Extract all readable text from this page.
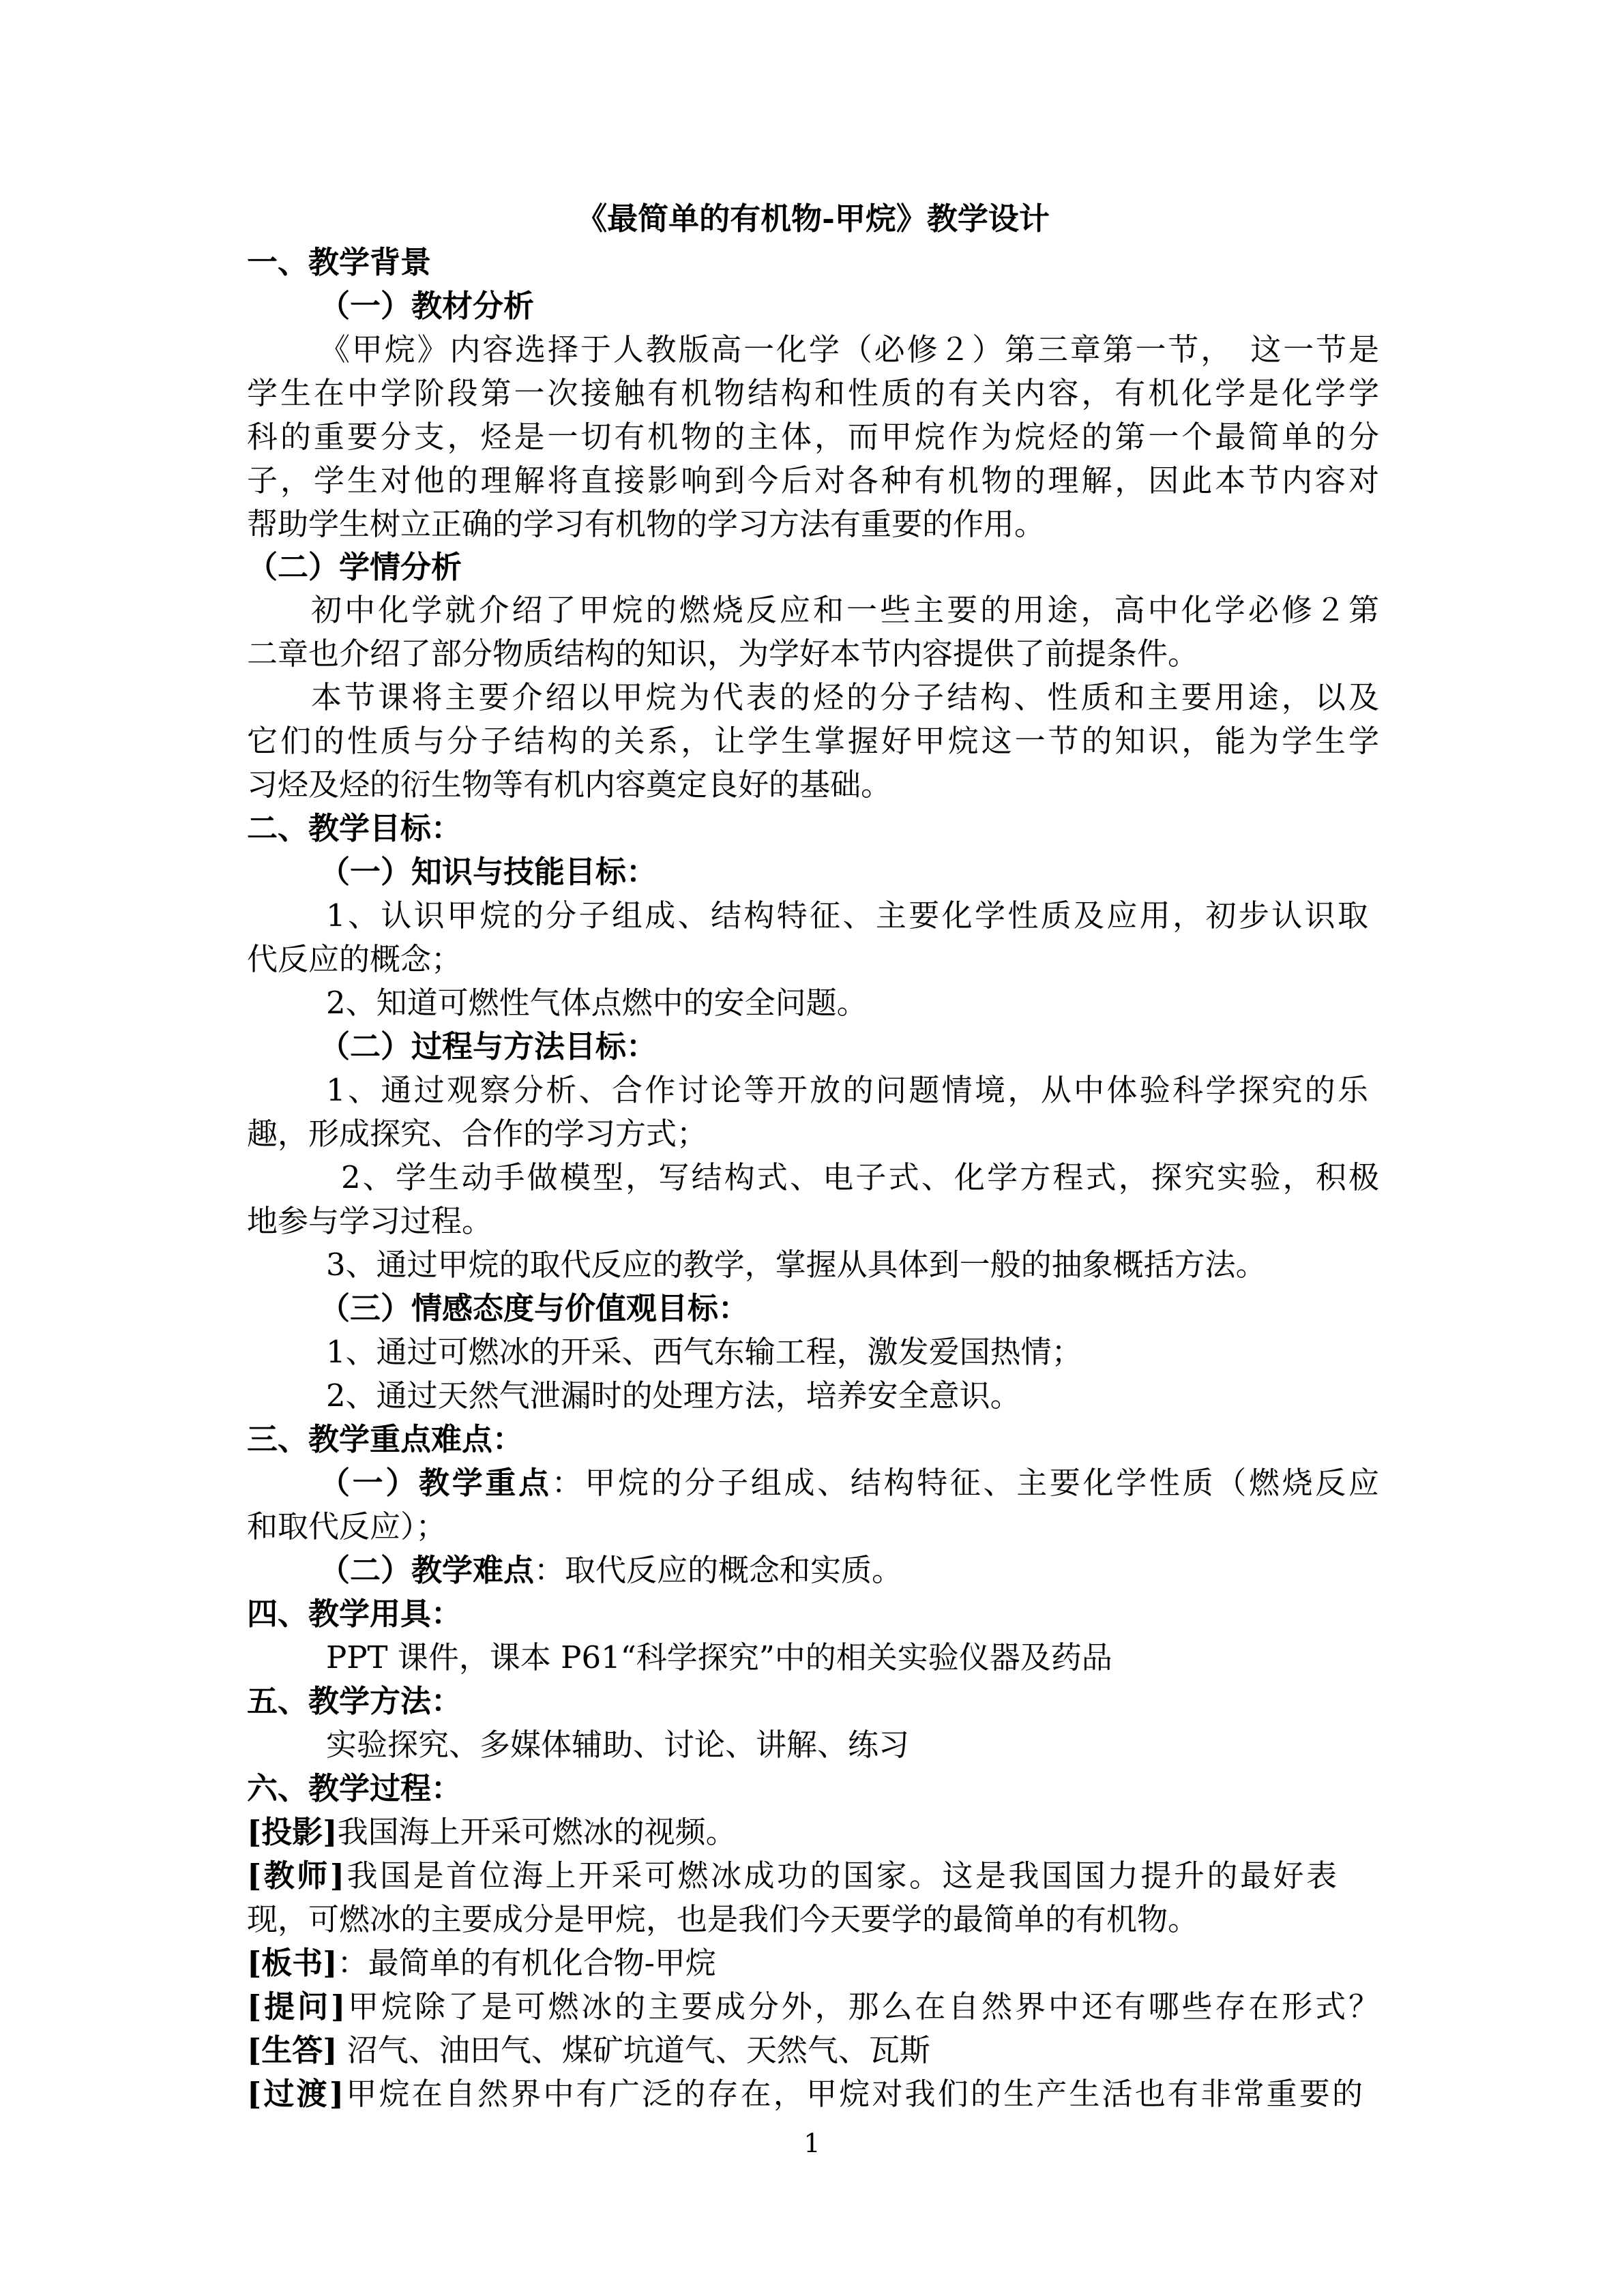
《最简单的有机物-甲烷》教学设计
一、教学背景
（一）教材分析
《甲烷》内容选择于人教版高一化学（必修２）第三章第一节，　这一节是
学生在中学阶段第一次接触有机物结构和性质的有关内容，有机化学是化学学
科的重要分支，烃是一切有机物的主体，而甲烷作为烷烃的第一个最简单的分
子，学生对他的理解将直接影响到今后对各种有机物的理解，因此本节内容对
帮助学生树立正确的学习有机物的学习方法有重要的作用。
（二）学情分析
初中化学就介绍了甲烷的燃烧反应和一些主要的用途，高中化学必修２第
二章也介绍了部分物质结构的知识，为学好本节内容提供了前提条件。
本节课将主要介绍以甲烷为代表的烃的分子结构、性质和主要用途，以及
它们的性质与分子结构的关系，让学生掌握好甲烷这一节的知识，能为学生学
习烃及烃的衍生物等有机内容奠定良好的基础。
二、教学目标：
（一）知识与技能目标：
1、认识甲烷的分子组成、结构特征、主要化学性质及应用，初步认识取
代反应的概念；
2、知道可燃性气体点燃中的安全问题。
（二）过程与方法目标：
1、通过观察分析、合作讨论等开放的问题情境，从中体验科学探究的乐
趣，形成探究、合作的学习方式；
2、学生动手做模型，写结构式、电子式、化学方程式，探究实验，积极
地参与学习过程。
3、通过甲烷的取代反应的教学，掌握从具体到一般的抽象概括方法。
（三）情感态度与价值观目标：
1、通过可燃冰的开采、西气东输工程，激发爱国热情；
2、通过天然气泄漏时的处理方法，培养安全意识。
三、教学重点难点：
（一）教学重点：甲烷的分子组成、结构特征、主要化学性质（燃烧反应
和取代反应）；
（二）教学难点：取代反应的概念和实质。
四、教学用具：
PPT 课件，课本 P61“科学探究”中的相关实验仪器及药品
五、教学方法：
实验探究、多媒体辅助、讨论、讲解、练习
六、教学过程：
[投影]我国海上开采可燃冰的视频。
[教师]我国是首位海上开采可燃冰成功的国家。这是我国国力提升的最好表
现，可燃冰的主要成分是甲烷，也是我们今天要学的最简单的有机物。
[板书]：最简单的有机化合物-甲烷
[提问]甲烷除了是可燃冰的主要成分外，那么在自然界中还有哪些存在形式？
[生答] 沼气、油田气、煤矿坑道气、天然气、瓦斯
[过渡]甲烷在自然界中有广泛的存在，甲烷对我们的生产生活也有非常重要的
1
